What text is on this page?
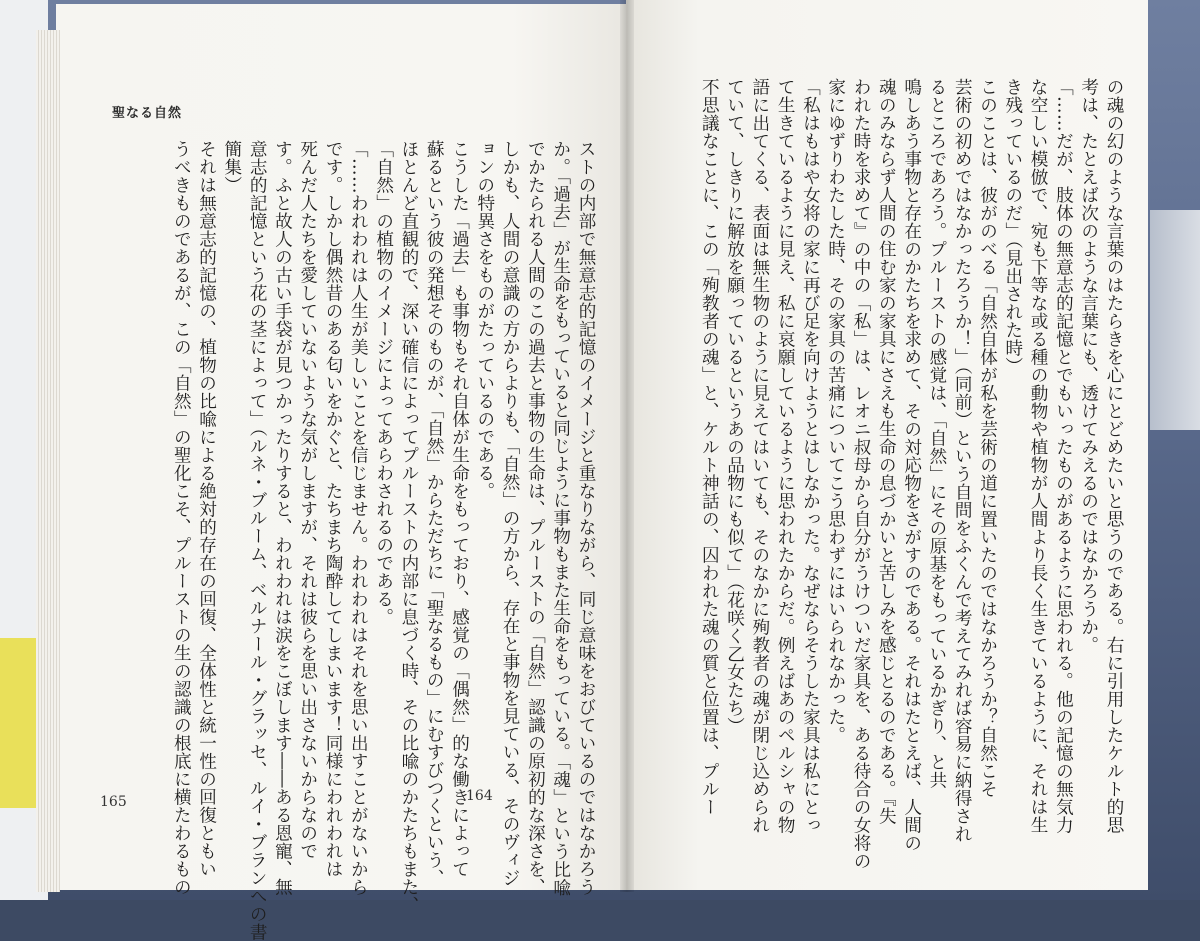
聖なる自然
165	164	の魂の幻のような言葉のはたらきを心にとどめたいと思うのである。右に引用したケルト的思

考は、たとえば次のような言葉にも、透けてみえるのではなかろうか。

「……だが、肢体の無意志的記憶とでもいったものがあるように思われる。他の記憶の無気力

な空しい模倣で、宛も下等な或る種の動物や植物が人間より長く生きているように、それは生

き残っているのだ」（見出された時）

このことは、彼がのべる「自然自体が私を芸術の道に置いたのではなかろうか？自然こそ

芸術の初めではなかったろうか！」（同前）という自問をふくんで考えてみれば容易に納得され

るところであろう。プルーストの感覚は、「自然」にその原基をもっているかぎり、と共

鳴しあう事物と存在のかたちを求めて、その対応物をさがすのである。それはたとえば、人間の

魂のみならず人間の住む家の家具にさえも生命の息づかいと苦しみを感じとるのである。『失

われた時を求めて』の中の「私」は、レオニ叔母から自分がうけついだ家具を、ある待合の女将の

家にゆずりわたした時、その家具の苦痛についてこう思わずにはいられなかった。

「私はもはや女将の家に再び足を向けようとはしなかった。なぜならそうした家具は私にとっ

て生きているように見え、私に哀願しているように思われたからだ。例えばあのペルシャの物

語に出てくる、表面は無生物のように見えてはいても、そのなかに殉教者の魂が閉じ込められ

ていて、しきりに解放を願っているというあの品物にも似て」（花咲く乙女たち）

不思議なことに、この「殉教者の魂」と、ケルト神話の、囚われた魂の質と位置は、プルー

ストの内部で無意志的記憶のイメージと重なりながら、同じ意味をおびているのではなかろう

か。「過去」が生命をもっていると同じように事物もまた生命をもっている。「魂」という比喩

でかたられる人間のこの過去と事物の生命は、プルーストの「自然」認識の原初的な深さを、

しかも、人間の意識の方からよりも、「自然」の方から、存在と事物を見ている、そのヴィジ

ョンの特異さをものがたっているのである。

こうした「過去」も事物もそれ自体が生命をもっており、感覚の「偶然」的な働きによって

蘇るという彼の発想そのものが、「自然」からただちに「聖なるもの」にむすびつくという、

ほとんど直観的で、深い確信によってプルーストの内部に息づく時、その比喩のかたちもまた、

「自然」の植物のイメージによってあらわされるのである。

「……われわれは人生が美しいことを信じません。われわれはそれを思い出すことがないから

です。しかし偶然昔のある匂いをかぐと、たちまち陶酔してしまいます！同様にわれわれは

死んだ人たちを愛していないような気がしますが、それは彼らを思い出さないからなので

す。ふと故人の古い手袋が見つかったりすると、われわれは涙をこぼします――ある恩寵、無

意志的記憶という花の茎によって」（ルネ・ブルーム、ベルナール・グラッセ、ルイ・ブランへの書

簡集）

それは無意志的記憶の、植物の比喩による絶対的存在の回復、全体性と統一性の回復ともい

うべきものであるが、この「自然」の聖化こそ、プルーストの生の認識の根底に横たわるもの
